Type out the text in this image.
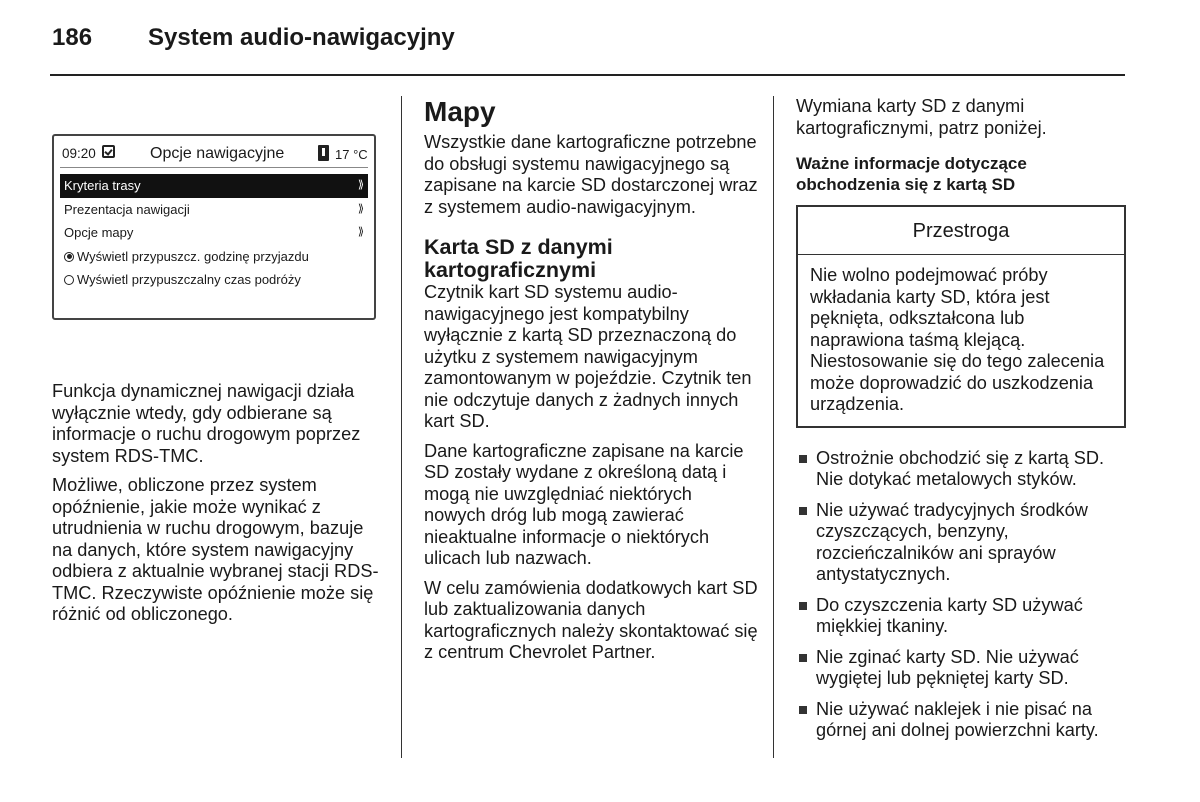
186 System audio-nawigacyjny
09:20	Opcje nawigacyjne	17 °C
Kryteria trasy	⟫
Prezentacja nawigacji	⟫
Opcje mapy	⟫
Wyświetl przypuszcz. godzinę przyjazdu
Wyświetl przypuszczalny czas podróży

Funkcja dynamicznej nawigacji działa wyłącznie wtedy, gdy odbierane są informacje o ruchu drogowym poprzez system RDS-TMC.

Możliwe, obliczone przez system opóźnienie, jakie może wynikać z utrudnienia w ruchu drogowym, bazuje na danych, które system nawigacyjny odbiera z aktualnie wybranej stacji RDS-TMC. Rzeczywiste opóźnienie może się różnić od obliczonego.

Mapy

Wszystkie dane kartograficzne potrzebne do obsługi systemu nawigacyjnego są zapisane na karcie SD dostarczonej wraz z systemem audio-nawigacyjnym.

Karta SD z danymi kartograficznymi

Czytnik kart SD systemu audio-nawigacyjnego jest kompatybilny wyłącznie z kartą SD przeznaczoną do użytku z systemem nawigacyjnym zamontowanym w pojeździe. Czytnik ten nie odczytuje danych z żadnych innych kart SD.

Dane kartograficzne zapisane na karcie SD zostały wydane z określoną datą i mogą nie uwzględniać niektórych nowych dróg lub mogą zawierać nieaktualne informacje o niektórych ulicach lub nazwach.

W celu zamówienia dodatkowych kart SD lub zaktualizowania danych kartograficznych należy skontaktować się z centrum Chevrolet Partner.

Wymiana karty SD z danymi kartograficznymi, patrz poniżej.

Ważne informacje dotyczące obchodzenia się z kartą SD
Przestroga
Nie wolno podejmować próby wkładania karty SD, która jest pęknięta, odkształcona lub naprawiona taśmą klejącą. Niestosowanie się do tego zalecenia może doprowadzić do uszkodzenia urządzenia.
Ostrożnie obchodzić się z kartą SD. Nie dotykać metalowych styków.
Nie używać tradycyjnych środków czyszczących, benzyny, rozcieńczalników ani sprayów antystatycznych.
Do czyszczenia karty SD używać miękkiej tkaniny.
Nie zginać karty SD. Nie używać wygiętej lub pękniętej karty SD.
Nie używać naklejek i nie pisać na górnej ani dolnej powierzchni karty.
